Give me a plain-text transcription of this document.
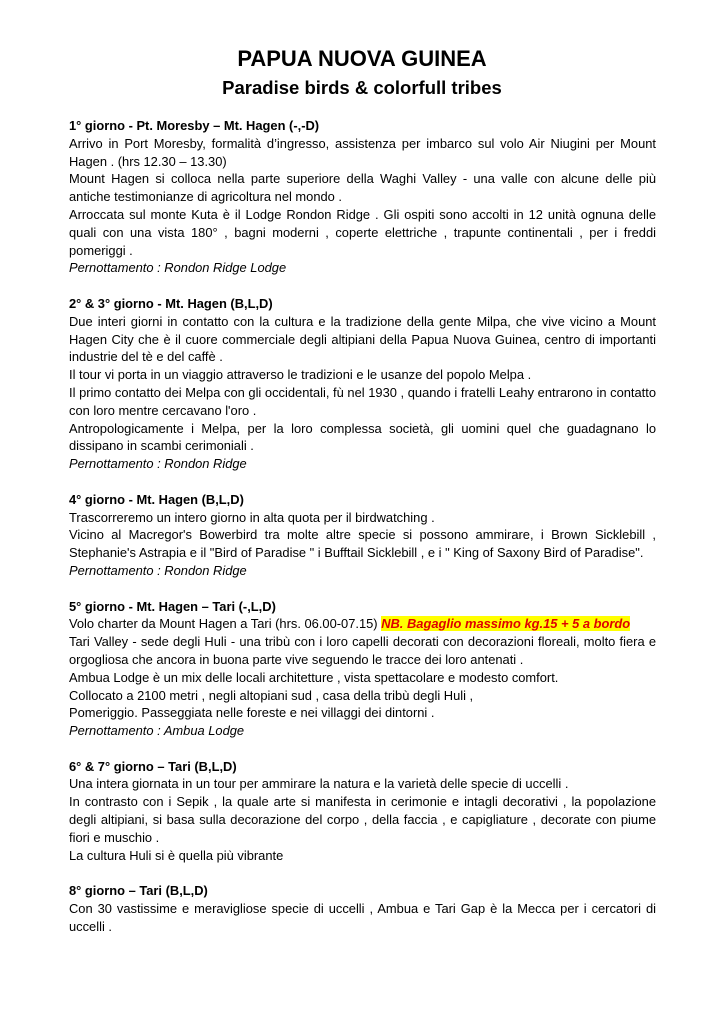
PAPUA NUOVA GUINEA
Paradise birds & colorfull tribes

1° giorno - Pt. Moresby – Mt. Hagen (-,-D)

Arrivo in Port Moresby, formalità d’ingresso, assistenza per imbarco sul volo Air Niugini per Mount Hagen . (hrs 12.30 – 13.30)

Mount Hagen si colloca nella parte superiore della Waghi Valley - una valle con alcune delle più antiche testimonianze di agricoltura nel mondo .

Arroccata sul monte Kuta è il Lodge Rondon Ridge . Gli ospiti sono accolti in 12 unità ognuna delle quali con una vista 180° , bagni moderni , coperte elettriche , trapunte continentali , per i freddi pomeriggi .

Pernottamento : Rondon Ridge Lodge

2° & 3° giorno - Mt. Hagen (B,L,D)

Due interi giorni in contatto con la cultura e la tradizione della gente Milpa, che vive vicino a Mount Hagen City che è il cuore commerciale degli altipiani della Papua Nuova Guinea, centro di importanti industrie del tè e del caffè .

Il tour vi porta in un viaggio attraverso le tradizioni e le usanze del popolo Melpa .

Il primo contatto dei Melpa con gli occidentali, fù nel 1930 , quando i fratelli Leahy entrarono in contatto con loro mentre cercavano l'oro .

Antropologicamente i Melpa, per la loro complessa società, gli uomini quel che guadagnano lo dissipano in scambi cerimoniali .

Pernottamento : Rondon Ridge

4° giorno - Mt. Hagen (B,L,D)

Trascorreremo un intero giorno in alta quota per il birdwatching .

Vicino al Macregor's Bowerbird tra molte altre specie si possono ammirare, i Brown Sicklebill , Stephanie's Astrapia e il "Bird of Paradise " i Bufftail Sicklebill , e i " King of Saxony Bird of Paradise".

Pernottamento : Rondon Ridge

5° giorno - Mt. Hagen – Tari (-,L,D)

Volo charter da Mount Hagen a Tari (hrs. 06.00-07.15) NB. Bagaglio massimo kg.15 + 5 a bordo

Tari Valley - sede degli Huli - una tribù con i loro capelli decorati con decorazioni floreali, molto fiera e orgogliosa che ancora in buona parte vive seguendo le tracce dei loro antenati .

Ambua Lodge è un mix delle locali architetture , vista spettacolare e modesto comfort.

Collocato a 2100 metri , negli altopiani sud , casa della tribù degli Huli ,

Pomeriggio. Passeggiata nelle foreste e nei villaggi dei dintorni .

Pernottamento : Ambua Lodge

6° & 7° giorno – Tari (B,L,D)

Una intera giornata in un tour per ammirare la natura e la varietà delle specie di uccelli .

In contrasto con i Sepik , la quale arte si manifesta in cerimonie e intagli decorativi , la popolazione degli altipiani, si basa sulla decorazione del corpo , della faccia , e capigliature , decorate con piume fiori e muschio .

La cultura Huli si è quella più vibrante

8° giorno – Tari (B,L,D)

Con 30 vastissime e meravigliose specie di uccelli , Ambua e Tari Gap è la Mecca per i cercatori di uccelli .
